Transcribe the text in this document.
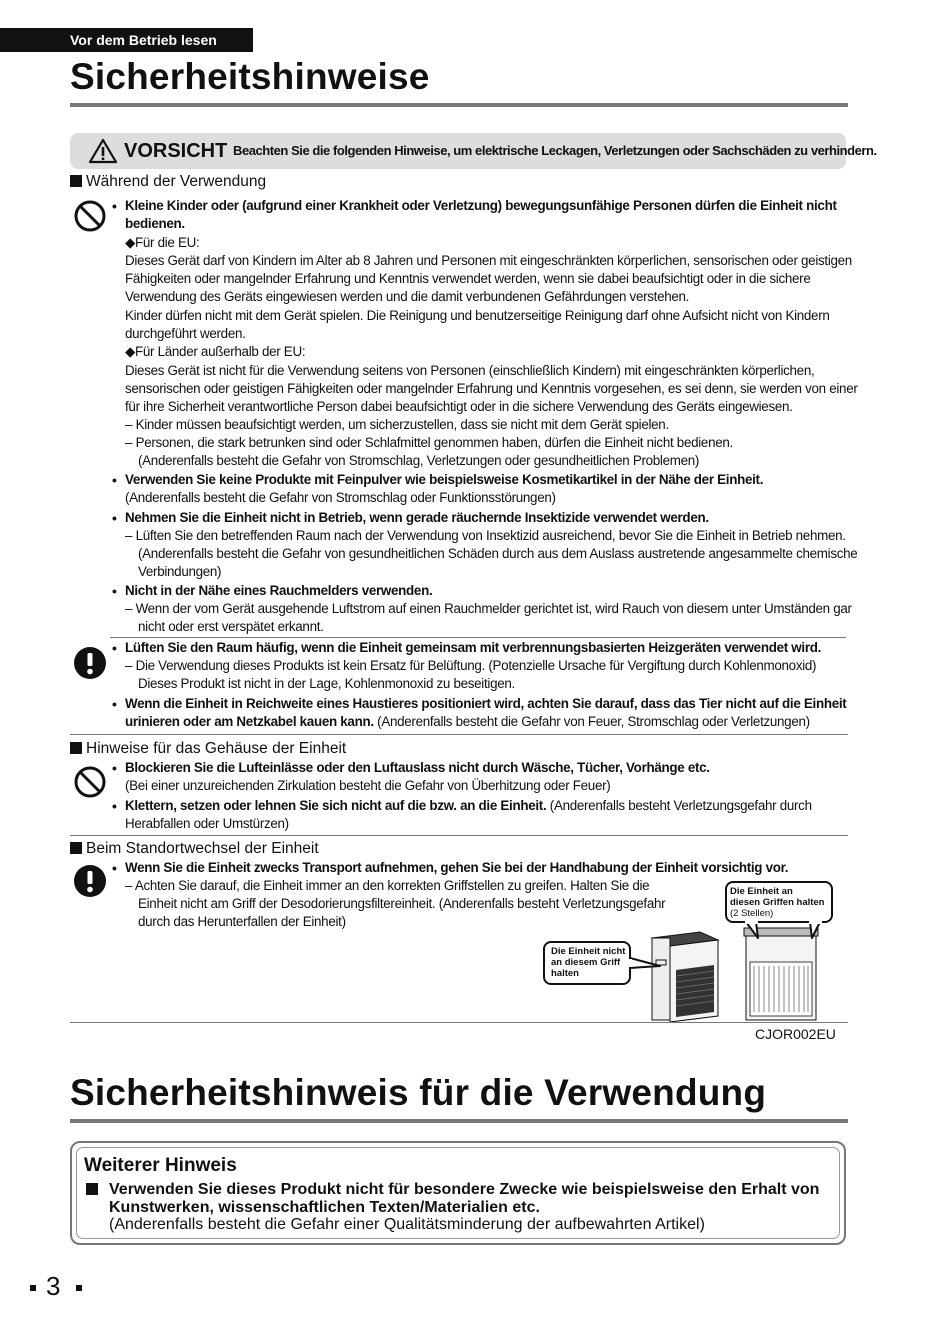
Vor dem Betrieb lesen
Sicherheitshinweise
VORSICHT Beachten Sie die folgenden Hinweise, um elektrische Leckagen, Verletzungen oder Sachschäden zu verhindern.
Während der Verwendung
• Kleine Kinder oder (aufgrund einer Krankheit oder Verletzung) bewegungsunfähige Personen dürfen die Einheit nicht
bedienen.
◆Für die EU:
Dieses Gerät darf von Kindern im Alter ab 8 Jahren und Personen mit eingeschränkten körperlichen, sensorischen oder geistigen
Fähigkeiten oder mangelnder Erfahrung und Kenntnis verwendet werden, wenn sie dabei beaufsichtigt oder in die sichere
Verwendung des Geräts eingewiesen werden und die damit verbundenen Gefährdungen verstehen.
Kinder dürfen nicht mit dem Gerät spielen. Die Reinigung und benutzerseitige Reinigung darf ohne Aufsicht nicht von Kindern
durchgeführt werden.
◆Für Länder außerhalb der EU:
Dieses Gerät ist nicht für die Verwendung seitens von Personen (einschließlich Kindern) mit eingeschränkten körperlichen,
sensorischen oder geistigen Fähigkeiten oder mangelnder Erfahrung und Kenntnis vorgesehen, es sei denn, sie werden von einer
für ihre Sicherheit verantwortliche Person dabei beaufsichtigt oder in die sichere Verwendung des Geräts eingewiesen.
– Kinder müssen beaufsichtigt werden, um sicherzustellen, dass sie nicht mit dem Gerät spielen.
– Personen, die stark betrunken sind oder Schlafmittel genommen haben, dürfen die Einheit nicht bedienen.
(Anderenfalls besteht die Gefahr von Stromschlag, Verletzungen oder gesundheitlichen Problemen)
• Verwenden Sie keine Produkte mit Feinpulver wie beispielsweise Kosmetikartikel in der Nähe der Einheit.
(Anderenfalls besteht die Gefahr von Stromschlag oder Funktionsstörungen)
• Nehmen Sie die Einheit nicht in Betrieb, wenn gerade räuchernde Insektizide verwendet werden.
– Lüften Sie den betreffenden Raum nach der Verwendung von Insektizid ausreichend, bevor Sie die Einheit in Betrieb nehmen.
(Anderenfalls besteht die Gefahr von gesundheitlichen Schäden durch aus dem Auslass austretende angesammelte chemische
Verbindungen)
• Nicht in der Nähe eines Rauchmelders verwenden.
– Wenn der vom Gerät ausgehende Luftstrom auf einen Rauchmelder gerichtet ist, wird Rauch von diesem unter Umständen gar
nicht oder erst verspätet erkannt.
• Lüften Sie den Raum häufig, wenn die Einheit gemeinsam mit verbrennungsbasierten Heizgeräten verwendet wird.
– Die Verwendung dieses Produkts ist kein Ersatz für Belüftung. (Potenzielle Ursache für Vergiftung durch Kohlenmonoxid)
Dieses Produkt ist nicht in der Lage, Kohlenmonoxid zu beseitigen.
• Wenn die Einheit in Reichweite eines Haustieres positioniert wird, achten Sie darauf, dass das Tier nicht auf die Einheit
urinieren oder am Netzkabel kauen kann. (Anderenfalls besteht die Gefahr von Feuer, Stromschlag oder Verletzungen)
Hinweise für das Gehäuse der Einheit
• Blockieren Sie die Lufteinlässe oder den Luftauslass nicht durch Wäsche, Tücher, Vorhänge etc.
(Bei einer unzureichenden Zirkulation besteht die Gefahr von Überhitzung oder Feuer)
• Klettern, setzen oder lehnen Sie sich nicht auf die bzw. an die Einheit. (Anderenfalls besteht Verletzungsgefahr durch
Herabfallen oder Umstürzen)
Beim Standortwechsel der Einheit
• Wenn Sie die Einheit zwecks Transport aufnehmen, gehen Sie bei der Handhabung der Einheit vorsichtig vor.
– Achten Sie darauf, die Einheit immer an den korrekten Griffstellen zu greifen. Halten Sie die
Einheit nicht am Griff der Desodorierungsfiltereinheit. (Anderenfalls besteht Verletzungsgefahr
durch das Herunterfallen der Einheit)
Die Einheit nicht
an diesem Griff
halten
Die Einheit an
diesen Griffen halten
(2 Stellen)
CJOR002EU
Sicherheitshinweis für die Verwendung
Weiterer Hinweis
Verwenden Sie dieses Produkt nicht für besondere Zwecke wie beispielsweise den Erhalt von
Kunstwerken, wissenschaftlichen Texten/Materialien etc.
(Anderenfalls besteht die Gefahr einer Qualitätsminderung der aufbewahrten Artikel)
3
